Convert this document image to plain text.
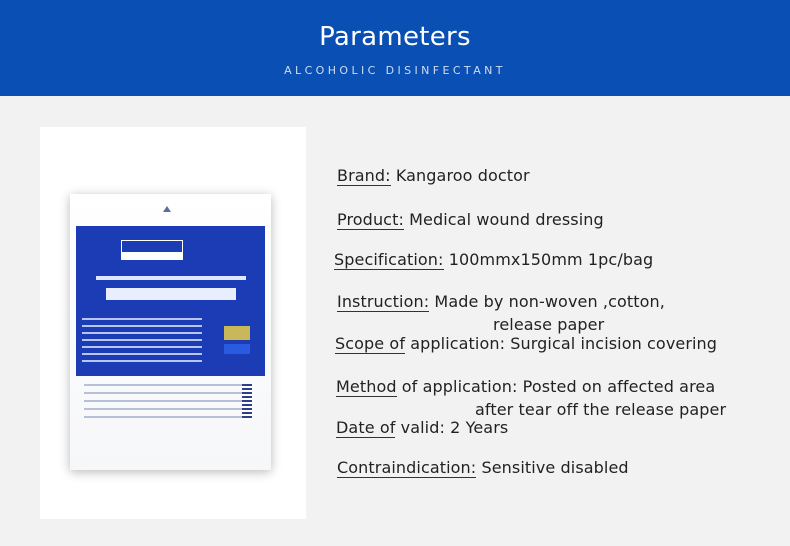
Parameters
ALCOHOLIC DISINFECTANT
Brand: Kangaroo doctor
Product: Medical wound dressing
Specification: 100mmx150mm 1pc/bag
Instruction: Made by non-woven ,cotton,
release paper
Scope of application: Surgical incision covering
Method of application: Posted on affected area
after tear off the release paper
Date of valid: 2 Years
Contraindication: Sensitive disabled
